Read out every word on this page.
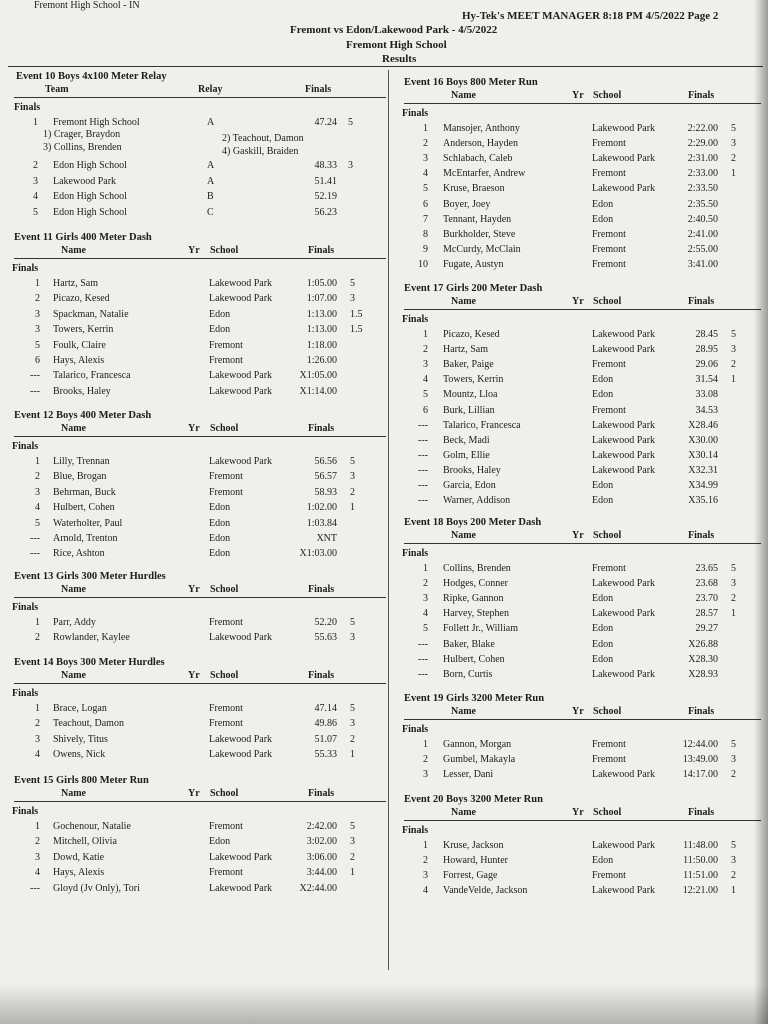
Fremont High School - IN
Hy-Tek's MEET MANAGER 8:18 PM 4/5/2022 Page 2
Fremont vs Edon/Lakewood Park - 4/5/2022
Fremont High School
Results
Event 10 Boys 4x100 Meter Relay
Team	Relay	Finals
Finals
1 Fremont High School	A	47.24 5
1) Crager, Braydon	2) Teachout, Damon
3) Collins, Brenden	4) Gaskill, Braiden
2 Edon High School	A	48.33 3
3 Lakewood Park	A	51.41
4 Edon High School	B	52.19
5 Edon High School	C	56.23
Event 11 Girls 400 Meter Dash
Name	Yr School	Finals
Finals
1 Hartz, Sam	Lakewood Park	1:05.00 5
2 Picazo, Kesed	Lakewood Park	1:07.00 3
3 Spackman, Natalie	Edon	1:13.00 1.5
3 Towers, Kerrin	Edon	1:13.00 1.5
5 Foulk, Claire	Fremont	1:18.00
6 Hays, Alexis	Fremont	1:26.00
--- Talarico, Francesca	Lakewood Park	X1:05.00
--- Brooks, Haley	Lakewood Park	X1:14.00
Event 12 Boys 400 Meter Dash
Name	Yr School	Finals
Finals
1 Lilly, Trennan	Lakewood Park	56.56 5
2 Blue, Brogan	Fremont	56.57 3
3 Behrman, Buck	Fremont	58.93 2
4 Hulbert, Cohen	Edon	1:02.00 1
5 Waterholter, Paul	Edon	1:03.84
--- Arnold, Trenton	Edon	XNT
--- Rice, Ashton	Edon	X1:03.00
Event 13 Girls 300 Meter Hurdles
Name	Yr School	Finals
Finals
1 Parr, Addy	Fremont	52.20 5
2 Rowlander, Kaylee	Lakewood Park	55.63 3
Event 14 Boys 300 Meter Hurdles
Name	Yr School	Finals
Finals
1 Brace, Logan	Fremont	47.14 5
2 Teachout, Damon	Fremont	49.86 3
3 Shively, Titus	Lakewood Park	51.07 2
4 Owens, Nick	Lakewood Park	55.33 1
Event 15 Girls 800 Meter Run
Name	Yr School	Finals
Finals
1 Gochenour, Natalie	Fremont	2:42.00 5
2 Mitchell, Olivia	Edon	3:02.00 3
3 Dowd, Katie	Lakewood Park	3:06.00 2
4 Hays, Alexis	Fremont	3:44.00 1
--- Gloyd (Jv Only), Tori	Lakewood Park	X2:44.00
Event 16 Boys 800 Meter Run
Name	Yr School	Finals
Finals
1 Mansojer, Anthony	Lakewood Park	2:22.00 5
2 Anderson, Hayden	Fremont	2:29.00 3
3 Schlabach, Caleb	Lakewood Park	2:31.00 2
4 McEntarfer, Andrew	Fremont	2:33.00 1
5 Kruse, Braeson	Lakewood Park	2:33.50
6 Boyer, Joey	Edon	2:35.50
7 Tennant, Hayden	Edon	2:40.50
8 Burkholder, Steve	Fremont	2:41.00
9 McCurdy, McClain	Fremont	2:55.00
10 Fugate, Austyn	Fremont	3:41.00
Event 17 Girls 200 Meter Dash
Name	Yr School	Finals
Finals
1 Picazo, Kesed	Lakewood Park	28.45 5
2 Hartz, Sam	Lakewood Park	28.95 3
3 Baker, Paige	Fremont	29.06 2
4 Towers, Kerrin	Edon	31.54 1
5 Mountz, Lloa	Edon	33.08
6 Burk, Lillian	Fremont	34.53
--- Talarico, Francesca	Lakewood Park	X28.46
--- Beck, Madi	Lakewood Park	X30.00
--- Golm, Ellie	Lakewood Park	X30.14
--- Brooks, Haley	Lakewood Park	X32.31
--- Garcia, Edon	Edon	X34.99
--- Warner, Addison	Edon	X35.16
Event 18 Boys 200 Meter Dash
Name	Yr School	Finals
Finals
1 Collins, Brenden	Fremont	23.65 5
2 Hodges, Conner	Lakewood Park	23.68 3
3 Ripke, Gannon	Edon	23.70 2
4 Harvey, Stephen	Lakewood Park	28.57 1
5 Follett Jr., William	Edon	29.27
--- Baker, Blake	Edon	X26.88
--- Hulbert, Cohen	Edon	X28.30
--- Born, Curtis	Lakewood Park	X28.93
Event 19 Girls 3200 Meter Run
Name	Yr School	Finals
Finals
1 Gannon, Morgan	Fremont	12:44.00 5
2 Gumbel, Makayla	Fremont	13:49.00 3
3 Lesser, Dani	Lakewood Park	14:17.00 2
Event 20 Boys 3200 Meter Run
Name	Yr School	Finals
Finals
1 Kruse, Jackson	Lakewood Park	11:48.00 5
2 Howard, Hunter	Edon	11:50.00 3
3 Forrest, Gage	Fremont	11:51.00 2
4 VandeVelde, Jackson	Lakewood Park	12:21.00 1
